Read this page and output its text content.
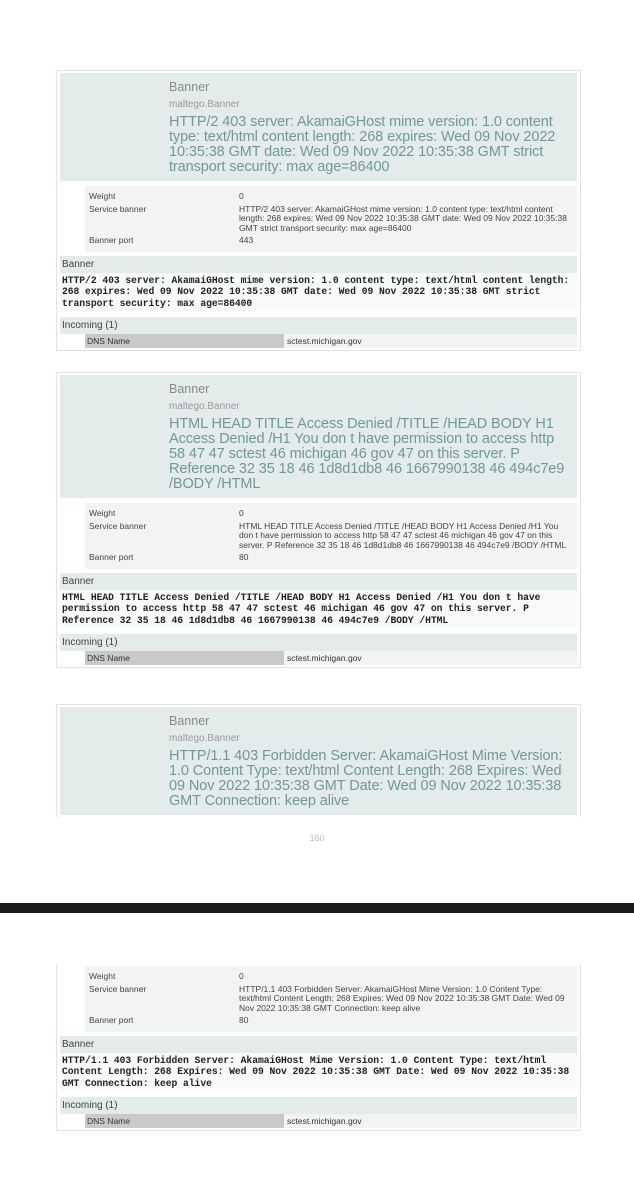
Banner
maltego.Banner
HTTP/2 403 server: AkamaiGHost mime version: 1.0 content type: text/html content length: 268 expires: Wed 09 Nov 2022 10:35:38 GMT date: Wed 09 Nov 2022 10:35:38 GMT strict transport security: max age=86400
Weight	0
Service banner	HTTP/2 403 server: AkamaiGHost mime version: 1.0 content type: text/html content length: 268 expires: Wed 09 Nov 2022 10:35:38 GMT date: Wed 09 Nov 2022 10:35:38 GMT strict transport security: max age=86400
Banner port	443
Banner
HTTP/2 403 server: AkamaiGHost mime version: 1.0 content type: text/html content length: 268 expires: Wed 09 Nov 2022 10:35:38 GMT date: Wed 09 Nov 2022 10:35:38 GMT strict transport security: max age=86400
Incoming (1)
DNS Name	sctest.michigan.gov
Banner
maltego.Banner
HTML HEAD TITLE Access Denied /TITLE /HEAD BODY H1 Access Denied /H1 You don t have permission to access http 58 47 47 sctest 46 michigan 46 gov 47 on this server. P Reference 32 35 18 46 1d8d1db8 46 1667990138 46 494c7e9 /BODY /HTML
Weight	0
Service banner	HTML HEAD TITLE Access Denied /TITLE /HEAD BODY H1 Access Denied /H1 You don t have permission to access http 58 47 47 sctest 46 michigan 46 gov 47 on this server. P Reference 32 35 18 46 1d8d1db8 46 1667990138 46 494c7e9 /BODY /HTML
Banner port	80
Banner
HTML HEAD TITLE Access Denied /TITLE /HEAD BODY H1 Access Denied /H1 You don t have permission to access http 58 47 47 sctest 46 michigan 46 gov 47 on this server. P Reference 32 35 18 46 1d8d1db8 46 1667990138 46 494c7e9 /BODY /HTML
Incoming (1)
DNS Name	sctest.michigan.gov
Banner
maltego.Banner
HTTP/1.1 403 Forbidden Server: AkamaiGHost Mime Version: 1.0 Content Type: text/html Content Length: 268 Expires: Wed 09 Nov 2022 10:35:38 GMT Date: Wed 09 Nov 2022 10:35:38 GMT Connection: keep alive
160
Weight	0
Service banner	HTTP/1.1 403 Forbidden Server: AkamaiGHost Mime Version: 1.0 Content Type: text/html Content Length: 268 Expires: Wed 09 Nov 2022 10:35:38 GMT Date: Wed 09 Nov 2022 10:35:38 GMT Connection: keep alive
Banner port	80
Banner
HTTP/1.1 403 Forbidden Server: AkamaiGHost Mime Version: 1.0 Content Type: text/html Content Length: 268 Expires: Wed 09 Nov 2022 10:35:38 GMT Date: Wed 09 Nov 2022 10:35:38 GMT Connection: keep alive
Incoming (1)
DNS Name	sctest.michigan.gov
